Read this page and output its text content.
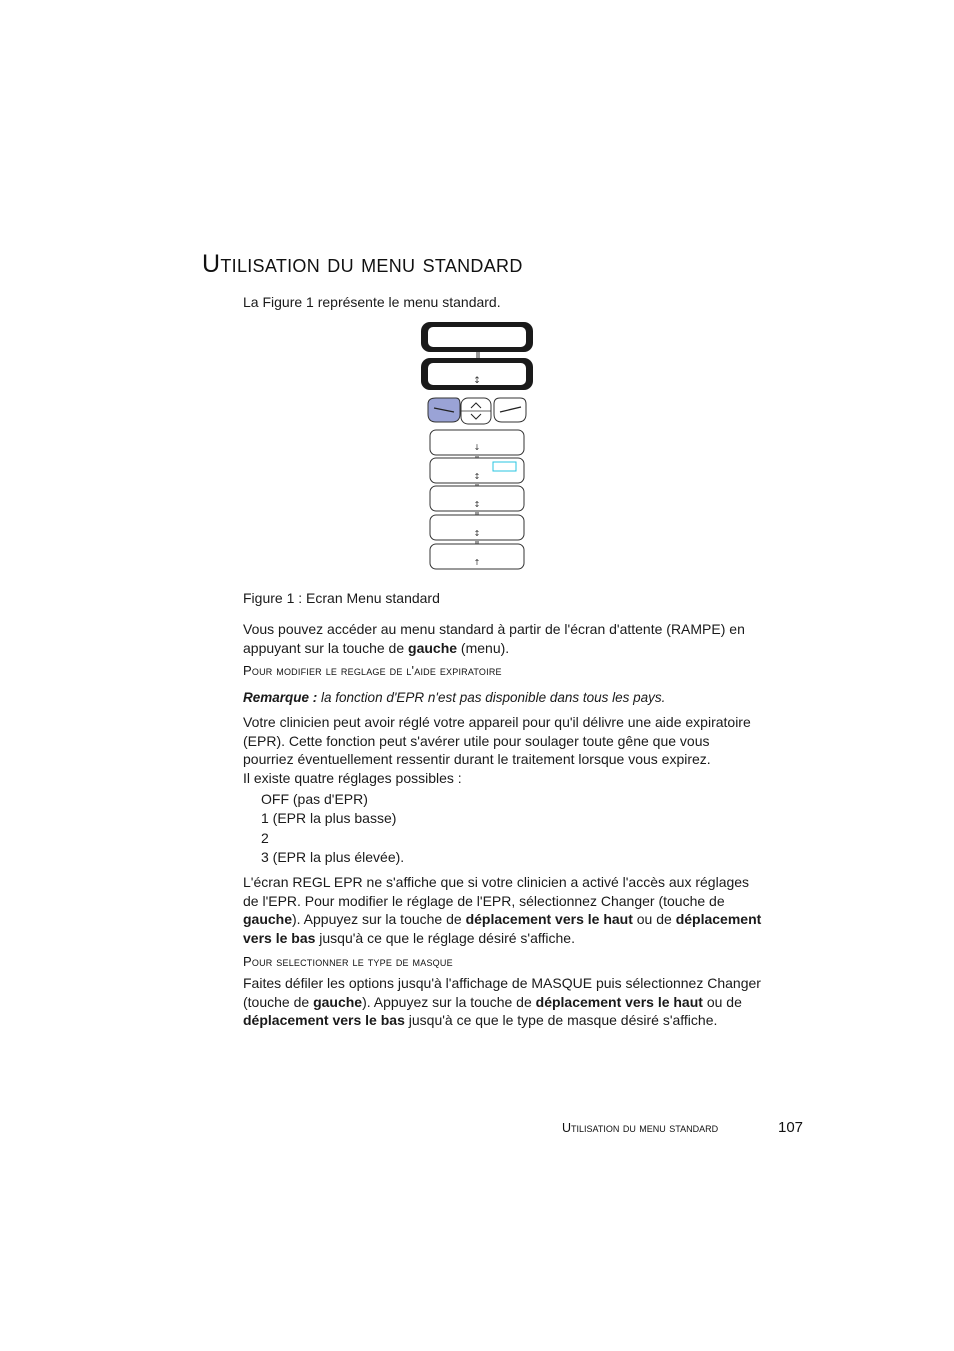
Utilisation du menu standard
La Figure 1 représente le menu standard.
↕
↓
↕
↕
↕
↑
Figure 1 : Ecran Menu standard
Vous pouvez accéder au menu standard à partir de l'écran d'attente (RAMPE) en appuyant sur la touche de gauche (menu).
Pour modifier le reglage de l'aide expiratoire
Remarque : la fonction d'EPR n'est pas disponible dans tous les pays.
Votre clinicien peut avoir réglé votre appareil pour qu'il délivre une aide expiratoire (EPR). Cette fonction peut s'avérer utile pour soulager toute gêne que vous pourriez éventuellement ressentir durant le traitement lorsque vous expirez.
Il existe quatre réglages possibles :
OFF (pas d'EPR)
1 (EPR la plus basse)
2
3 (EPR la plus élevée).
L'écran REGL EPR ne s'affiche que si votre clinicien a activé l'accès aux réglages de l'EPR. Pour modifier le réglage de l'EPR, sélectionnez Changer (touche de gauche). Appuyez sur la touche de déplacement vers le haut ou de déplacement vers le bas jusqu'à ce que le réglage désiré s'affiche.
Pour selectionner le type de masque
Faites défiler les options jusqu'à l'affichage de MASQUE puis sélectionnez Changer (touche de gauche). Appuyez sur la touche de déplacement vers le haut ou de déplacement vers le bas jusqu'à ce que le type de masque désiré s'affiche.
Utilisation du menu standard	107
